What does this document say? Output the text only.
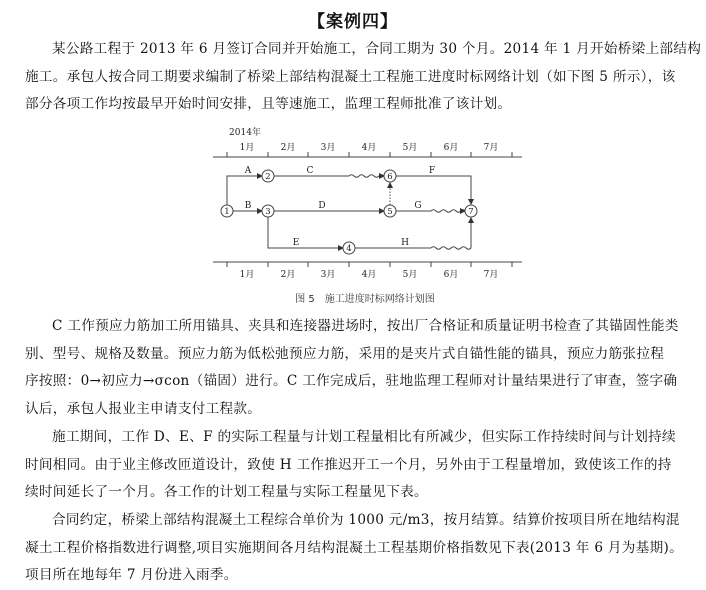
【案例四】
某公路工程于 2013 年 6 月签订合同并开始施工，合同工期为 30 个月。2014 年 1 月开始桥梁上部结构
施工。承包人按合同工期要求编制了桥梁上部结构混凝土工程施工进度时标网络计划（如下图 5 所示），该
部分各项工作均按最早开始时间安排，且等速施工，监理工程师批准了该计划。
2014年
1月	2月	3月	4月	5月	6月	7月
1月	2月	3月	4月	5月	6月	7月
A	C	F
B	D	G
E	H
1
2
3
4
5
6
7
图 5　施工进度时标网络计划图
C 工作预应力筋加工所用锚具、夹具和连接器进场时，按出厂合格证和质量证明书检查了其锚固性能类
别、型号、规格及数量。预应力筋为低松弛预应力筋，采用的是夹片式自锚性能的锚具，预应力筋张拉程
序按照：0→初应力→σcon（锚固）进行。C 工作完成后，驻地监理工程师对计量结果进行了审查，签字确
认后，承包人报业主申请支付工程款。
施工期间，工作 D、E、F 的实际工程量与计划工程量相比有所减少，但实际工作持续时间与计划持续
时间相同。由于业主修改匝道设计，致使 H 工作推迟开工一个月，另外由于工程量增加，致使该工作的持
续时间延长了一个月。各工作的计划工程量与实际工程量见下表。
合同约定，桥梁上部结构混凝土工程综合单价为 1000 元/m3，按月结算。结算价按项目所在地结构混
凝土工程价格指数进行调整,项目实施期间各月结构混凝土工程基期价格指数见下表(2013 年 6 月为基期)。
项目所在地每年 7 月份进入雨季。
